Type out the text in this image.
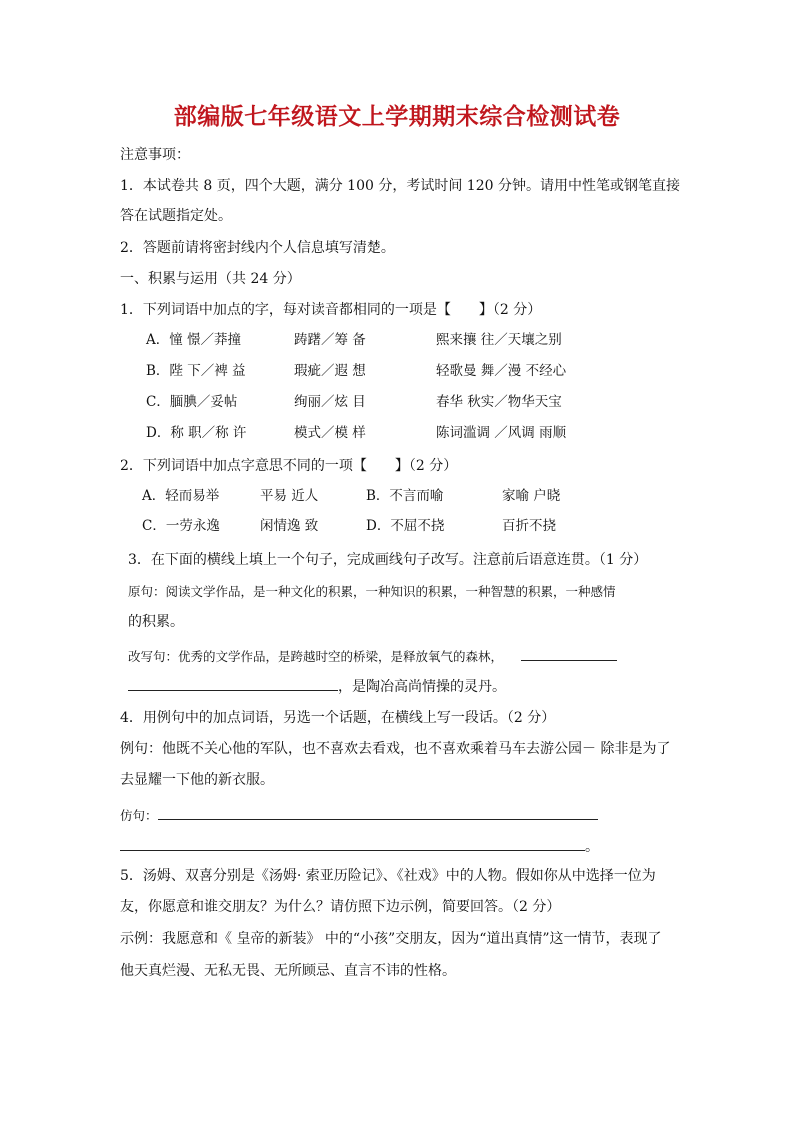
部编版七年级语文上学期期末综合检测试卷
注意事项：
1．本试卷共 8 页，四个大题，满分 100 分，考试时间 120 分钟。请用中性笔或钢笔直接
答在试题指定处。
2．答题前请将密封线内个人信息填写清楚。
一、积累与运用（共 24 分）
1．下列词语中加点的字，每对读音都相同的一项是【　　】（2 分）
A．憧 憬／莽撞	踌躇／筹 备	熙来攘 往／天壤之别
B．陛 下／裨 益	瑕疵／遐 想	轻歌曼 舞／漫 不经心
C．腼腆／妥帖	绚丽／炫 目	春华 秋实／物华天宝
D．称 职／称 许	模式／模 样	陈词滥调 ／风调 雨顺
2．下列词语中加点字意思不同的一项【　　】（2 分）
A．轻而易举	平易 近人	B．不言而喻	家喻 户晓
C．一劳永逸	闲情逸 致	D．不屈不挠	百折不挠
3．在下面的横线上填上一个句子，完成画线句子改写。注意前后语意连贯。（1 分）
原句：阅读文学作品，是一种文化的积累，一种知识的积累，一种智慧的积累，一种感情
的积累。
改写句：优秀的文学作品，是跨越时空的桥梁，是释放氧气的森林，
，是陶冶高尚情操的灵丹。
4．用例句中的加点词语，另选一个话题，在横线上写一段话。（2 分）
例句：他既不关心他的军队，也不喜欢去看戏，也不喜欢乘着马车去游公园－ 除非是为了
去显耀一下他的新衣服。
仿句：
。
5．汤姆、双喜分别是《汤姆· 索亚历险记》、《社戏》中的人物。假如你从中选择一位为
友，你愿意和谁交朋友？为什么？请仿照下边示例，简要回答。（2 分）
示例：我愿意和《 皇帝的新装》 中的“小孩”交朋友，因为“道出真情”这一情节，表现了
他天真烂漫、无私无畏、无所顾忌、直言不讳的性格。
